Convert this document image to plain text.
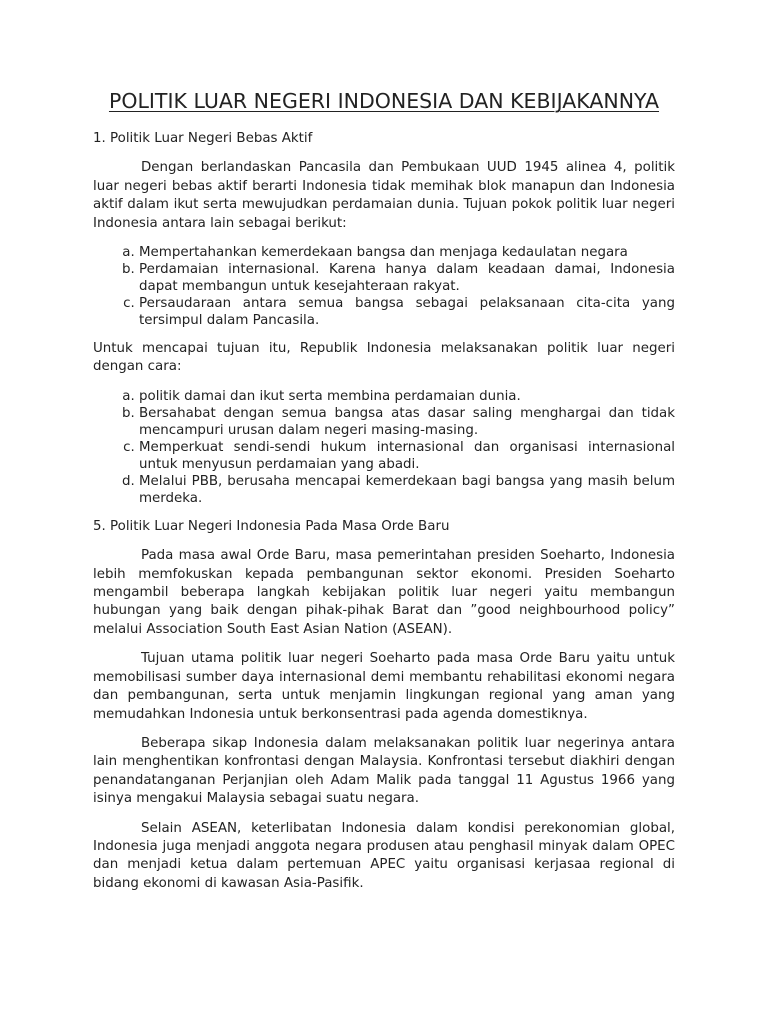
POLITIK LUAR NEGERI INDONESIA DAN KEBIJAKANNYA
1. Politik Luar Negeri Bebas Aktif

Dengan berlandaskan Pancasila dan Pembukaan UUD 1945 alinea 4, politik luar negeri bebas aktif berarti Indonesia tidak memihak blok manapun dan Indonesia aktif dalam ikut serta mewujudkan perdamaian dunia. Tujuan pokok politik luar negeri Indonesia antara lain sebagai berikut:

a. Mempertahankan kemerdekaan bangsa dan menjaga kedaulatan negara
b. Perdamaian internasional. Karena hanya dalam keadaan damai, Indonesia dapat membangun untuk kesejahteraan rakyat.
c. Persaudaraan antara semua bangsa sebagai pelaksanaan cita-cita yang tersimpul dalam Pancasila.

Untuk mencapai tujuan itu, Republik Indonesia melaksanakan politik luar negeri dengan cara:

a. politik damai dan ikut serta membina perdamaian dunia.
b. Bersahabat dengan semua bangsa atas dasar saling menghargai dan tidak mencampuri urusan dalam negeri masing-masing.
c. Memperkuat sendi-sendi hukum internasional dan organisasi internasional untuk menyusun perdamaian yang abadi.
d. Melalui PBB, berusaha mencapai kemerdekaan bagi bangsa yang masih belum merdeka.
5. Politik Luar Negeri Indonesia Pada Masa Orde Baru

Pada masa awal Orde Baru, masa pemerintahan presiden Soeharto, Indonesia lebih memfokuskan kepada pembangunan sektor ekonomi. Presiden Soeharto mengambil beberapa langkah kebijakan politik luar negeri yaitu membangun hubungan yang baik dengan pihak-pihak Barat dan ”good neighbourhood policy” melalui Association South East Asian Nation (ASEAN).

Tujuan utama politik luar negeri Soeharto pada masa Orde Baru yaitu untuk memobilisasi sumber daya internasional demi membantu rehabilitasi ekonomi negara dan pembangunan, serta untuk menjamin lingkungan regional yang aman yang memudahkan Indonesia untuk berkonsentrasi pada agenda domestiknya.

Beberapa sikap Indonesia dalam melaksanakan politik luar negerinya antara lain menghentikan konfrontasi dengan Malaysia. Konfrontasi tersebut diakhiri dengan penandatanganan Perjanjian oleh Adam Malik pada tanggal 11 Agustus 1966 yang isinya mengakui Malaysia sebagai suatu negara.

Selain ASEAN, keterlibatan Indonesia dalam kondisi perekonomian global, Indonesia juga menjadi anggota negara produsen atau penghasil minyak dalam OPEC dan menjadi ketua dalam pertemuan APEC yaitu organisasi kerjasaa regional di bidang ekonomi di kawasan Asia-Pasifik.
